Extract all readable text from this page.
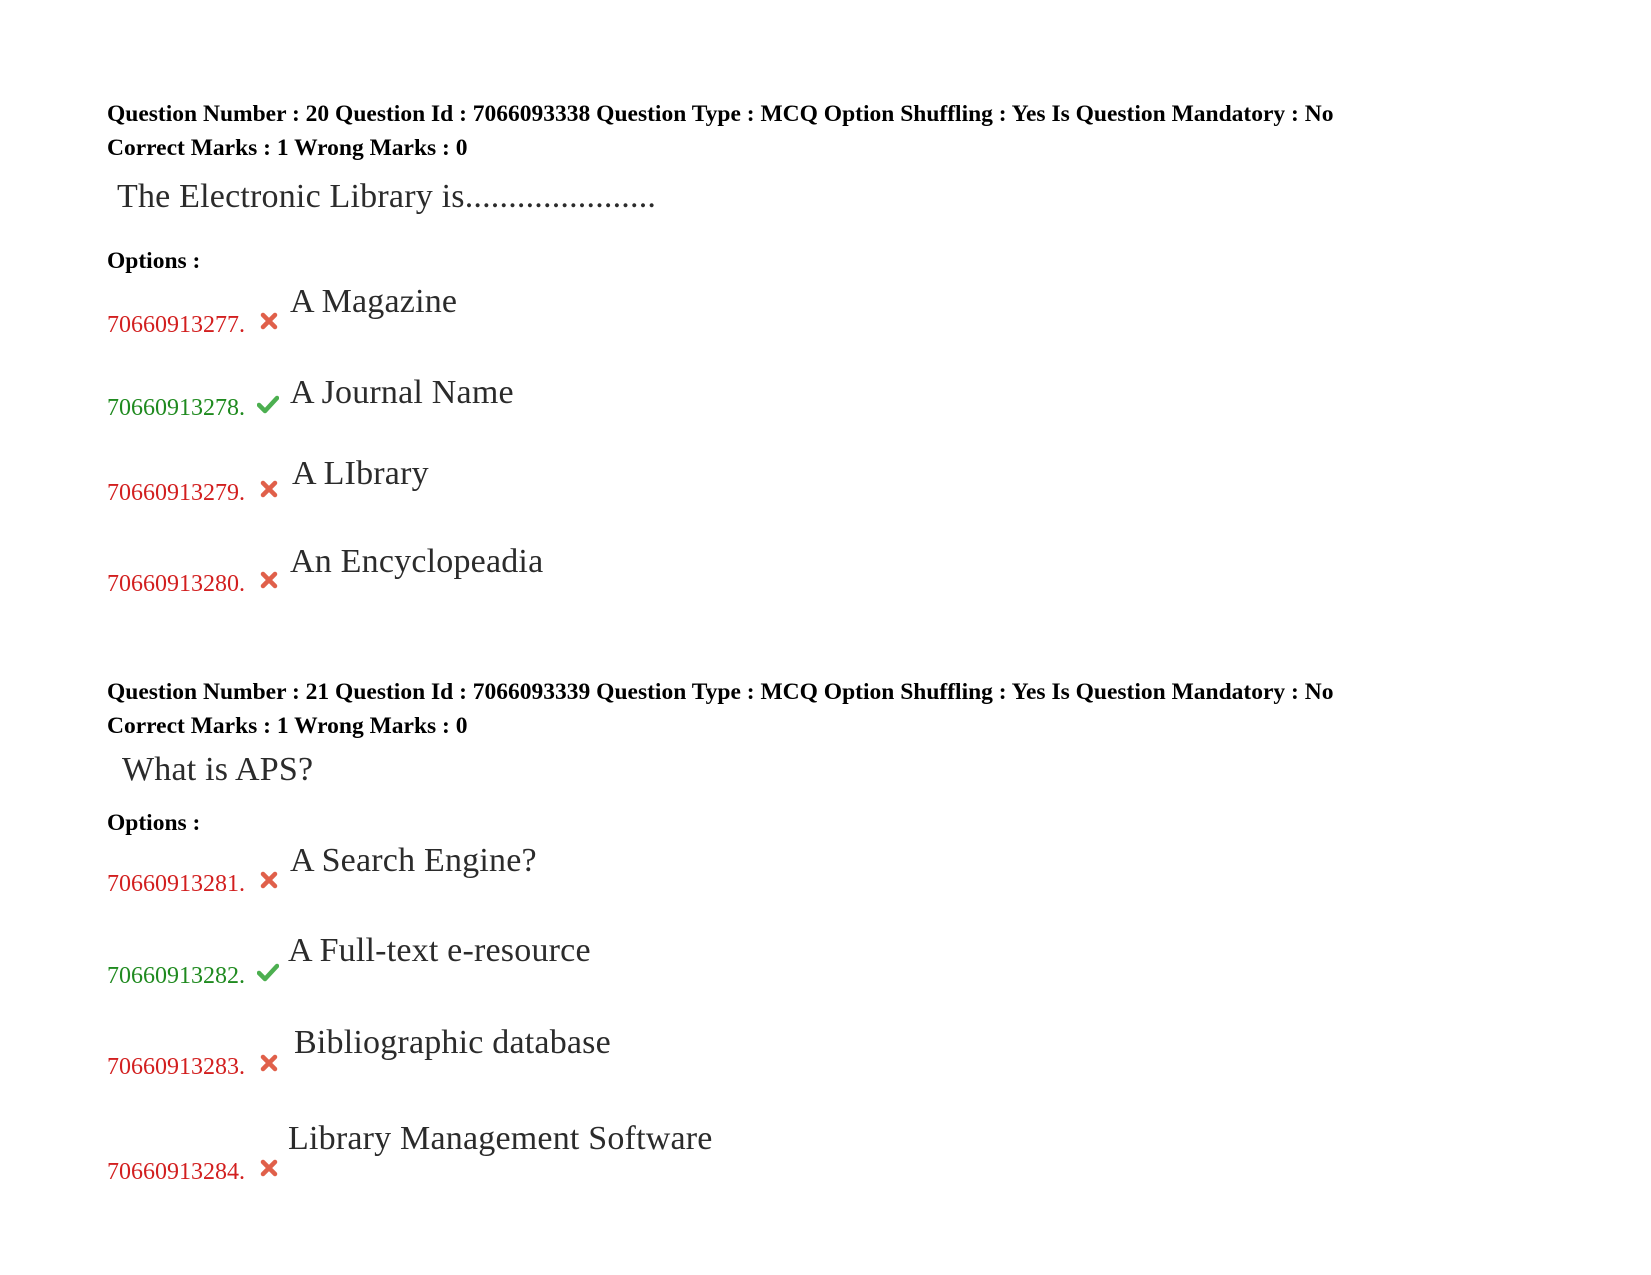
Question Number : 20 Question Id : 7066093338 Question Type : MCQ Option Shuffling : Yes Is Question Mandatory : No
Correct Marks : 1 Wrong Marks : 0
The Electronic Library is......................
Options :
70660913277.
A Magazine
70660913278. A Journal Name
70660913279.
A LIbrary
70660913280.
An Encyclopeadia
Question Number : 21 Question Id : 7066093339 Question Type : MCQ Option Shuffling : Yes Is Question Mandatory : No
Correct Marks : 1 Wrong Marks : 0
What is APS?
Options :
70660913281.
A Search Engine?
70660913282.
A Full-text e-resource
70660913283.
Bibliographic database
70660913284.
Library Management Software
